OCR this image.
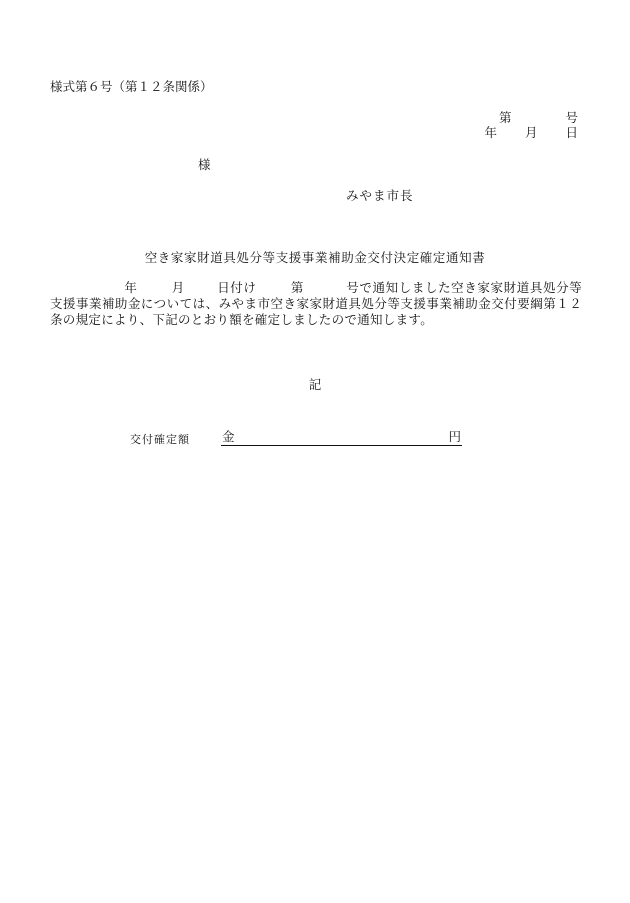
様式第６号（第１２条関係）
第	号
年 月 日
様
みやま市長
空き家家財道具処分等支援事業補助金交付決定確定通知書
年	月	日付け	第	号で通知しました空き家家財道具処分等支援事業補助金については、みやま市空き家家財道具処分等支援事業補助金交付要綱第１２条の規定により、下記のとおり額を確定しましたので通知します。
記
交付確定額	金	円
